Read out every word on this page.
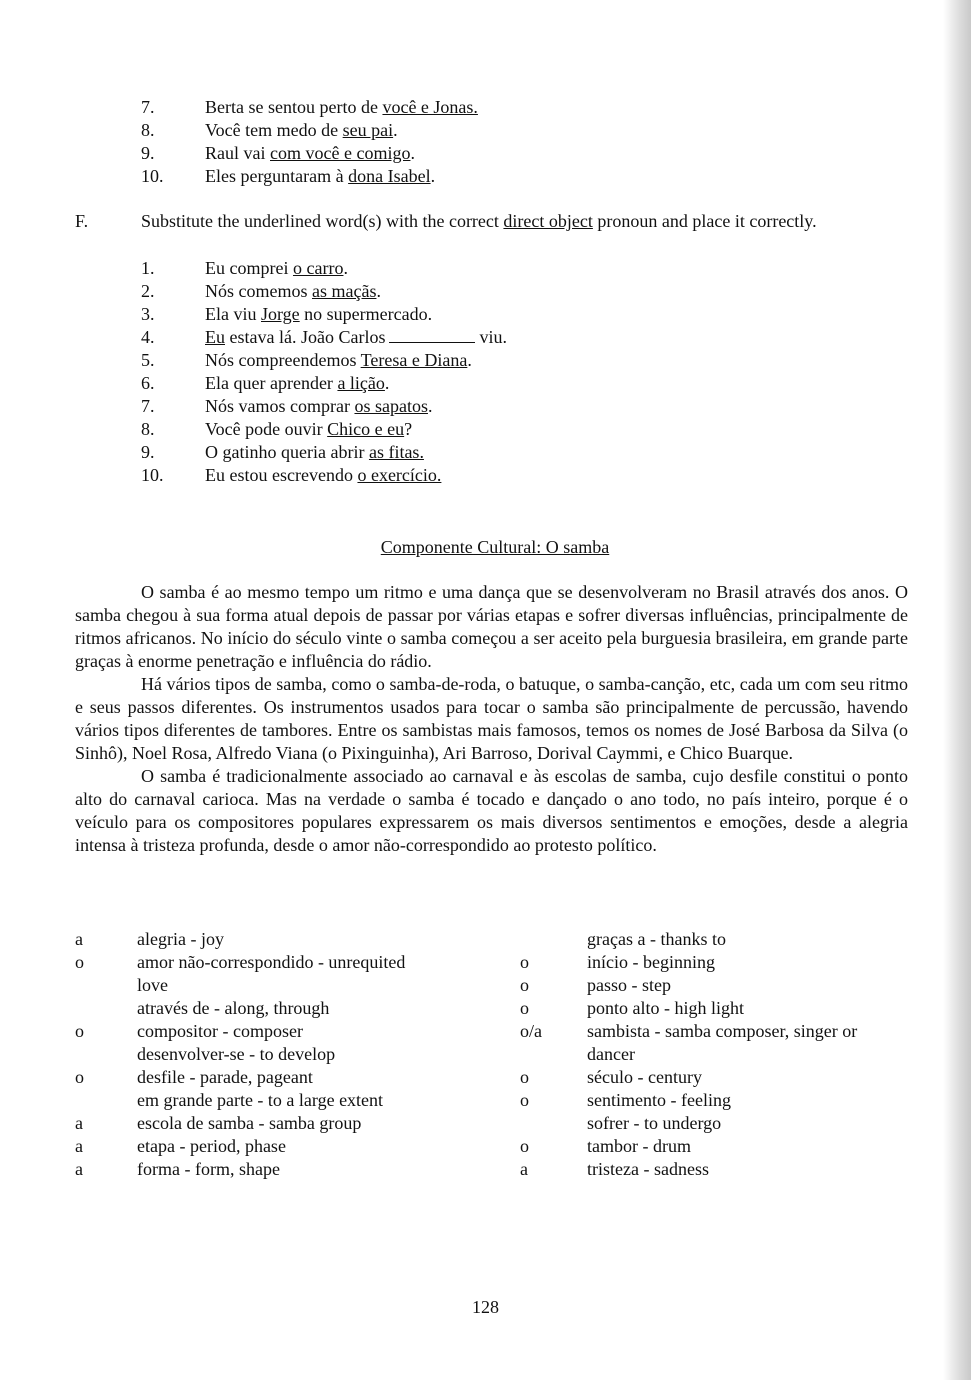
7.	Berta se sentou perto de você e Jonas.
8.	Você tem medo de seu pai.
9.	Raul vai com você e comigo.
10. Eles perguntaram à dona Isabel.
F.	Substitute the underlined word(s) with the correct direct object pronoun and place it correctly.
1.	Eu comprei o carro.
2.	Nós comemos as maçãs.
3.	Ela viu Jorge no supermercado.
4.	Eu estava lá. João Carlos	viu.
5.	Nós compreendemos Teresa e Diana.
6.	Ela quer aprender a lição.
7.	Nós vamos comprar os sapatos.
8.	Você pode ouvir Chico e eu?
9.	O gatinho queria abrir as fitas.
10. Eu estou escrevendo o exercício.
Componente Cultural: O samba

O samba é ao mesmo tempo um ritmo e uma dança que se desenvolveram no Brasil através dos anos. O samba chegou à sua forma atual depois de passar por várias etapas e sofrer diversas influências, principalmente de ritmos africanos. No início do século vinte o samba começou a ser aceito pela burguesia brasileira, em grande parte graças à enorme penetração e influência do rádio.

Há vários tipos de samba, como o samba-de-roda, o batuque, o samba-canção, etc, cada um com seu ritmo e seus passos diferentes. Os instrumentos usados para tocar o samba são principalmente de percussão, havendo vários tipos diferentes de tambores. Entre os sambistas mais famosos, temos os nomes de José Barbosa da Silva (o Sinhô), Noel Rosa, Alfredo Viana (o Pixinguinha), Ari Barroso, Dorival Caymmi, e Chico Buarque.

O samba é tradicionalmente associado ao carnaval e às escolas de samba, cujo desfile constitui o ponto alto do carnaval carioca. Mas na verdade o samba é tocado e dançado o ano todo, no país inteiro, porque é o veículo para os compositores populares expressarem os mais diversos sentimentos e emoções, desde a alegria intensa à tristeza profunda, desde o amor não-correspondido ao protesto político.

a	alegria - joy
o	amor não-correspondido - unrequited
love
através de - along, through
o	compositor - composer
desenvolver-se - to develop
o	desfile - parade, pageant
em grande parte - to a large extent
a	escola de samba - samba group
a	etapa - period, phase
a	forma - form, shape
graças a - thanks to
o	início - beginning
o	passo - step
o	ponto alto - high light
o/a	sambista - samba composer, singer or
dancer
o	século - century
o	sentimento - feeling
sofrer - to undergo
o	tambor - drum
a	tristeza - sadness
128
